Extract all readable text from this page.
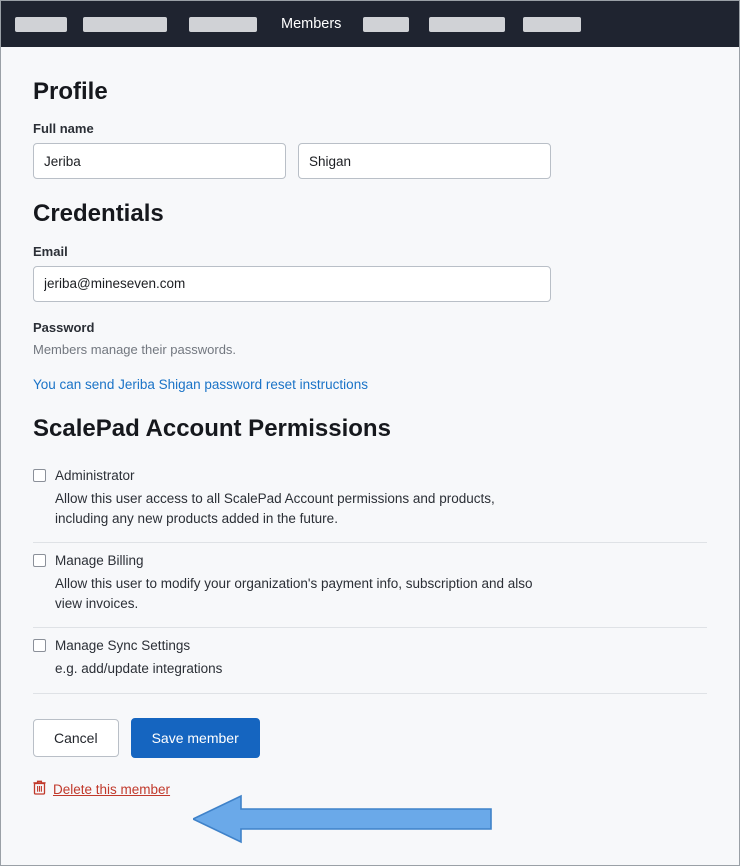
Members
Profile
Full name
Jeriba
Shigan
Credentials
Email
jeriba@mineseven.com
Password
Members manage their passwords.
You can send Jeriba Shigan password reset instructions
ScalePad Account Permissions
Administrator
Allow this user access to all ScalePad Account permissions and products, including any new products added in the future.
Manage Billing
Allow this user to modify your organization's payment info, subscription and also view invoices.
Manage Sync Settings
e.g. add/update integrations
Cancel	Save member
Delete this member
